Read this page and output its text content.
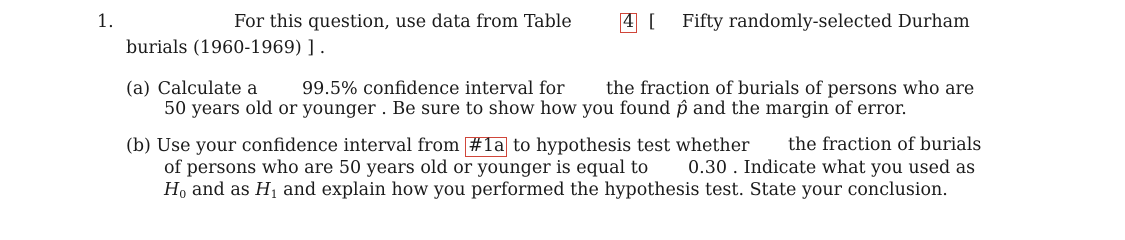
1.	For this question, use data from Table	4 [ Fifty randomly-selected Durham
burials (1960-1969) ] .
(a) Calculate a	99.5% confidence interval for the fraction of burials of persons who are
50 years old or younger . Be sure to show how you found p̂ and the margin of error.
(b) Use your confidence interval from #1a to hypothesis test whether the fraction of burials
of persons who are 50 years old or younger is equal to 0.30 . Indicate what you used as
$H_0$ and as $H_1$ and explain how you performed the hypothesis test. State your conclusion.
